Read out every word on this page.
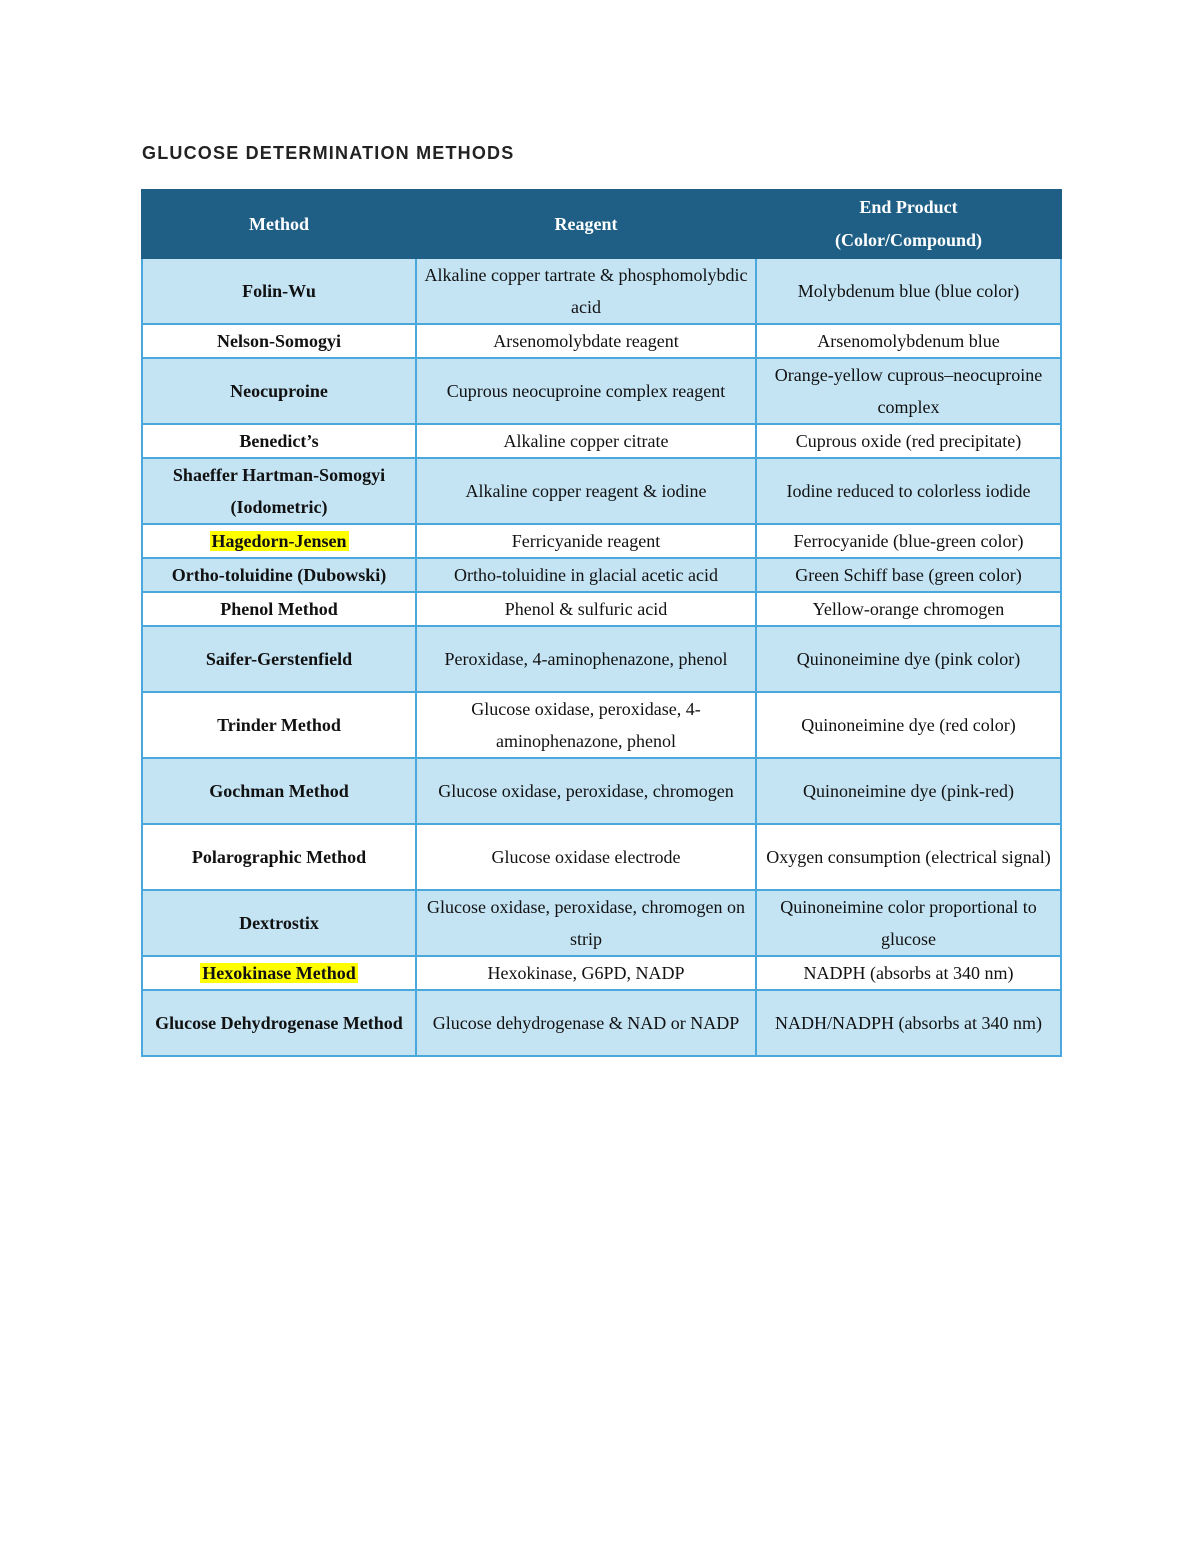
GLUCOSE DETERMINATION METHODS
Method	Reagent	End Product
(Color/Compound)
Folin-Wu	Alkaline copper tartrate & phosphomolybdic acid	Molybdenum blue (blue color)
Nelson-Somogyi	Arsenomolybdate reagent	Arsenomolybdenum blue
Neocuproine	Cuprous neocuproine complex reagent	Orange-yellow cuprous–neocuproine complex
Benedict’s	Alkaline copper citrate	Cuprous oxide (red precipitate)
Shaeffer Hartman-Somogyi (Iodometric)	Alkaline copper reagent & iodine	Iodine reduced to colorless iodide
Hagedorn-Jensen	Ferricyanide reagent	Ferrocyanide (blue-green color)
Ortho-toluidine (Dubowski)	Ortho-toluidine in glacial acetic acid	Green Schiff base (green color)
Phenol Method	Phenol & sulfuric acid	Yellow-orange chromogen
Saifer-Gerstenfield	Peroxidase, 4-aminophenazone, phenol	Quinoneimine dye (pink color)
Trinder Method	Glucose oxidase, peroxidase, 4-aminophenazone, phenol	Quinoneimine dye (red color)
Gochman Method	Glucose oxidase, peroxidase, chromogen	Quinoneimine dye (pink-red)
Polarographic Method	Glucose oxidase electrode	Oxygen consumption (electrical signal)
Dextrostix	Glucose oxidase, peroxidase, chromogen on strip	Quinoneimine color proportional to glucose
Hexokinase Method	Hexokinase, G6PD, NADP	NADPH (absorbs at 340 nm)
Glucose Dehydrogenase Method	Glucose dehydrogenase & NAD or NADP	NADH/NADPH (absorbs at 340 nm)
